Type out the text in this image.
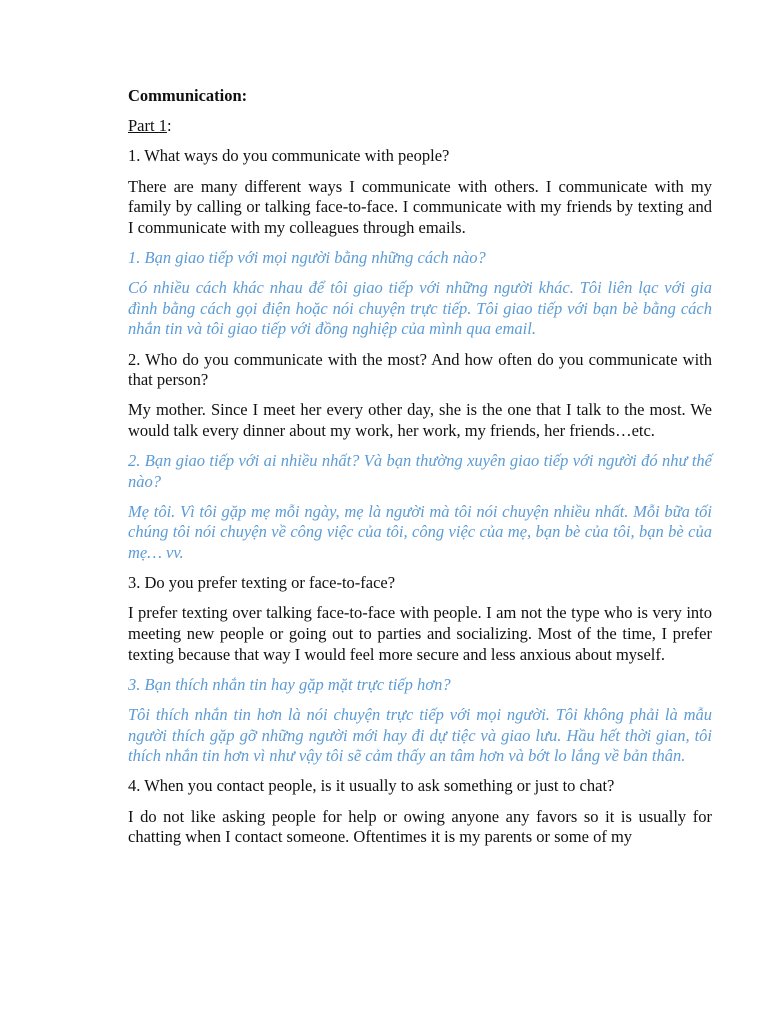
Communication:

Part 1:

1. What ways do you communicate with people?

There are many different ways I communicate with others. I communicate with my family by calling or talking face-to-face. I communicate with my friends by texting and I communicate with my colleagues through emails.

1. Bạn giao tiếp với mọi người bằng những cách nào?

Có nhiều cách khác nhau để tôi giao tiếp với những người khác. Tôi liên lạc với gia đình bằng cách gọi điện hoặc nói chuyện trực tiếp. Tôi giao tiếp với bạn bè bằng cách nhắn tin và tôi giao tiếp với đồng nghiệp của mình qua email.

2. Who do you communicate with the most? And how often do you communicate with that person?

My mother. Since I meet her every other day, she is the one that I talk to the most. We would talk every dinner about my work, her work, my friends, her friends…etc.

2. Bạn giao tiếp với ai nhiều nhất? Và bạn thường xuyên giao tiếp với người đó như thế nào?

Mẹ tôi. Vì tôi gặp mẹ mỗi ngày, mẹ là người mà tôi nói chuyện nhiều nhất. Mỗi bữa tối chúng tôi nói chuyện về công việc của tôi, công việc của mẹ, bạn bè của tôi, bạn bè của mẹ… vv.

3. Do you prefer texting or face-to-face?

I prefer texting over talking face-to-face with people. I am not the type who is very into meeting new people or going out to parties and socializing. Most of the time, I prefer texting because that way I would feel more secure and less anxious about myself.

3. Bạn thích nhắn tin hay gặp mặt trực tiếp hơn?

Tôi thích nhắn tin hơn là nói chuyện trực tiếp với mọi người. Tôi không phải là mẫu người thích gặp gỡ những người mới hay đi dự tiệc và giao lưu. Hầu hết thời gian, tôi thích nhắn tin hơn vì như vậy tôi sẽ cảm thấy an tâm hơn và bớt lo lắng về bản thân.

4. When you contact people, is it usually to ask something or just to chat?

I do not like asking people for help or owing anyone any favors so it is usually for chatting when I contact someone. Oftentimes it is my parents or some of my
